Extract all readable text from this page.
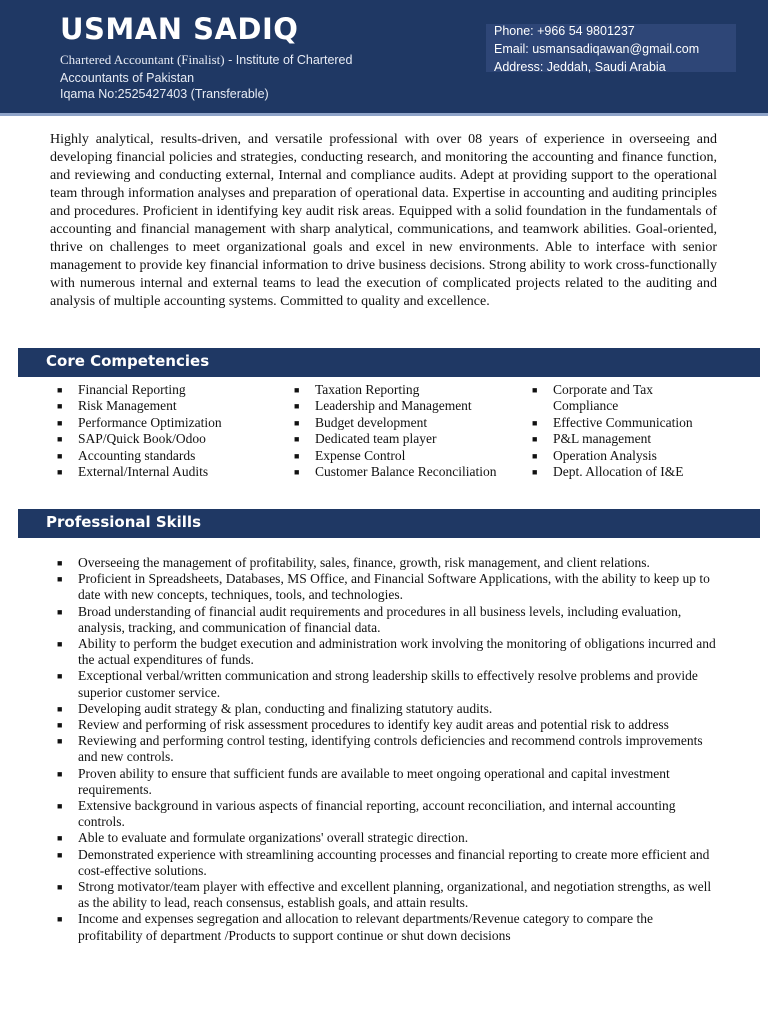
USMAN SADIQ
Chartered Accountant (Finalist) - Institute of Chartered Accountants of Pakistan
Iqama No:2525427403 (Transferable)
Phone: +966 54 9801237
Email: usmansadiqawan@gmail.com
Address: Jeddah, Saudi Arabia

Highly analytical, results-driven, and versatile professional with over 08 years of experience in overseeing and developing financial policies and strategies, conducting research, and monitoring the accounting and finance function, and reviewing and conducting external, Internal and compliance audits. Adept at providing support to the operational team through information analyses and preparation of operational data. Expertise in accounting and auditing principles and procedures. Proficient in identifying key audit risk areas. Equipped with a solid foundation in the fundamentals of accounting and financial management with sharp analytical, communications, and teamwork abilities. Goal-oriented, thrive on challenges to meet organizational goals and excel in new environments. Able to interface with senior management to provide key financial information to drive business decisions. Strong ability to work cross-functionally with numerous internal and external teams to lead the execution of complicated projects related to the auditing and analysis of multiple accounting systems. Committed to quality and excellence.

Core Competencies
■ Financial Reporting
■ Risk Management
■ Performance Optimization
■ SAP/Quick Book/Odoo
■ Accounting standards
■ External/Internal Audits
■ Taxation Reporting
■ Leadership and Management
■ Budget development
■ Dedicated team player
■ Expense Control
■ Customer Balance Reconciliation
■ Corporate and Tax Compliance
■ Effective Communication
■ P&L management
■ Operation Analysis
■ Dept. Allocation of I&E
Professional Skills
■ Overseeing the management of profitability, sales, finance, growth, risk management, and client relations.
■ Proficient in Spreadsheets, Databases, MS Office, and Financial Software Applications, with the ability to keep up to date with new concepts, techniques, tools, and technologies.
■ Broad understanding of financial audit requirements and procedures in all business levels, including evaluation, analysis, tracking, and communication of financial data.
■ Ability to perform the budget execution and administration work involving the monitoring of obligations incurred and the actual expenditures of funds.
■ Exceptional verbal/written communication and strong leadership skills to effectively resolve problems and provide superior customer service.
■ Developing audit strategy & plan, conducting and finalizing statutory audits.
■ Review and performing of risk assessment procedures to identify key audit areas and potential risk to address
■ Reviewing and performing control testing, identifying controls deficiencies and recommend controls improvements and new controls.
■ Proven ability to ensure that sufficient funds are available to meet ongoing operational and capital investment requirements.
■ Extensive background in various aspects of financial reporting, account reconciliation, and internal accounting controls.
■ Able to evaluate and formulate organizations' overall strategic direction.
■ Demonstrated experience with streamlining accounting processes and financial reporting to create more efficient and cost-effective solutions.
■ Strong motivator/team player with effective and excellent planning, organizational, and negotiation strengths, as well as the ability to lead, reach consensus, establish goals, and attain results.
■ Income and expenses segregation and allocation to relevant departments/Revenue category to compare the profitability of department /Products to support continue or shut down decisions
